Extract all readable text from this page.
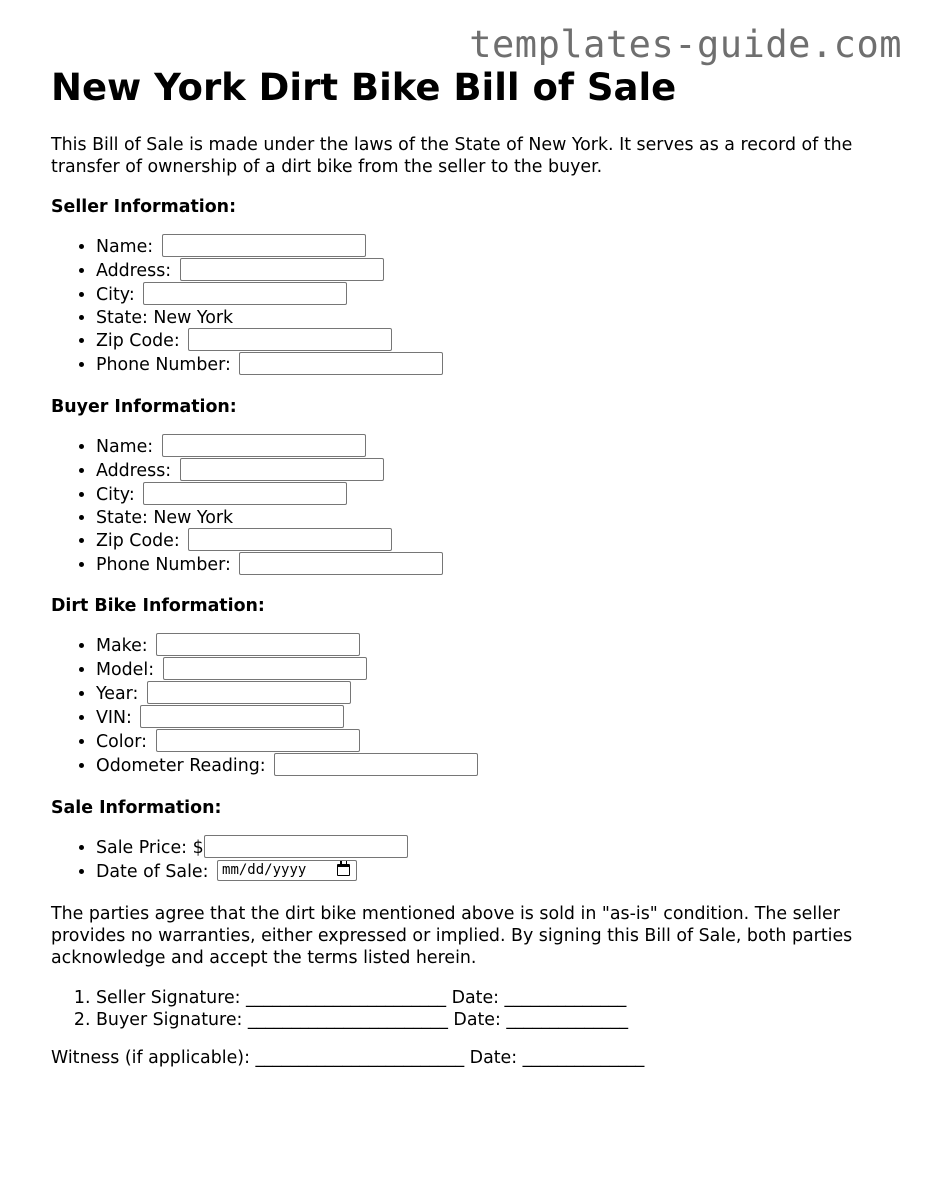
templates-guide.com
New York Dirt Bike Bill of Sale

This Bill of Sale is made under the laws of the State of New York. It serves as a record of the transfer of ownership of a dirt bike from the seller to the buyer.

Seller Information:

• Name:
• Address:
• City:
• State: New York
• Zip Code:
• Phone Number:

Buyer Information:

• Name:
• Address:
• City:
• State: New York
• Zip Code:
• Phone Number:

Dirt Bike Information:

• Make:
• Model:
• Year:
• VIN:
• Color:
• Odometer Reading:

Sale Information:

• Sale Price: $
• Date of Sale: mm/dd/yyyy

The parties agree that the dirt bike mentioned above is sold in "as-is" condition. The seller provides no warranties, either expressed or implied. By signing this Bill of Sale, both parties acknowledge and accept the terms listed herein.

1. Seller Signature: _______________________ Date: ______________
2. Buyer Signature: _______________________ Date: ______________

Witness (if applicable): ________________________ Date: ______________
